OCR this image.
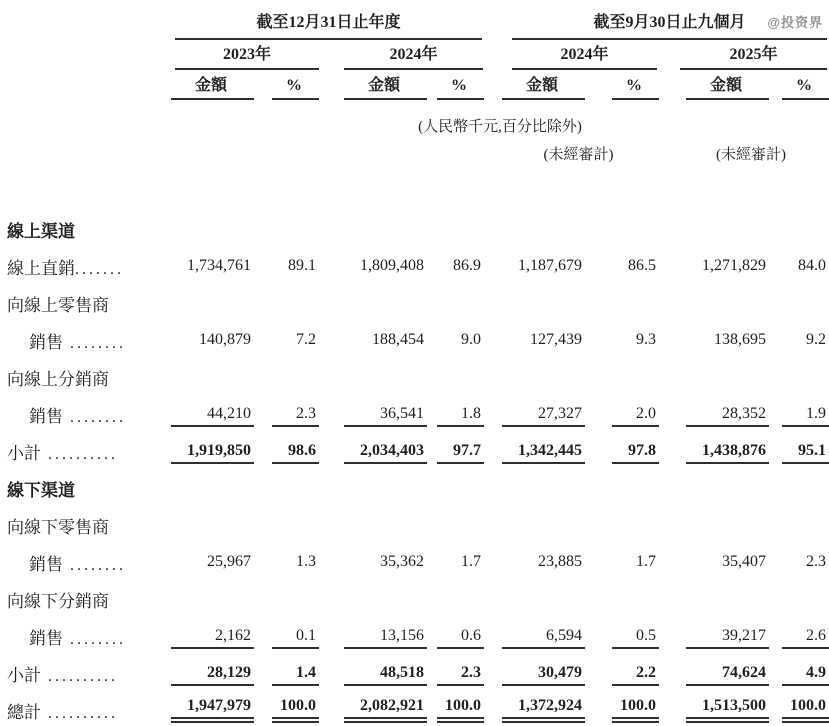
@投资界

截至12月31日止年度				截至9月30日止九個月			

	2023年		2024年		2024年		2025年	

	金額	%	金額	%	金額	%	金額	%
	(人民幣千元,百分比除外)							
					(未經審計)		(未經審計)	
線上渠道								
線上直銷.......	1,734,761	89.1	1,809,408	86.9	1,187,679	86.5	1,271,829	84.0
向線上零售商								
銷售 ........	140,879	7.2	188,454	9.0	127,439	9.3	138,695	9.2
向線上分銷商								
銷售 ........	44,210	2.3	36,541	1.8	27,327	2.0	28,352	1.9
小計 ..........	1,919,850	98.6	2,034,403	97.7	1,342,445	97.8	1,438,876	95.1
線下渠道								
向線下零售商								
銷售 ........	25,967	1.3	35,362	1.7	23,885	1.7	35,407	2.3
向線下分銷商								
銷售 ........	2,162	0.1	13,156	0.6	6,594	0.5	39,217	2.6
小計 ..........	28,129	1.4	48,518	2.3	30,479	2.2	74,624	4.9
總計 ..........	1,947,979	100.0	2,082,921	100.0	1,372,924	100.0	1,513,500	100.0
